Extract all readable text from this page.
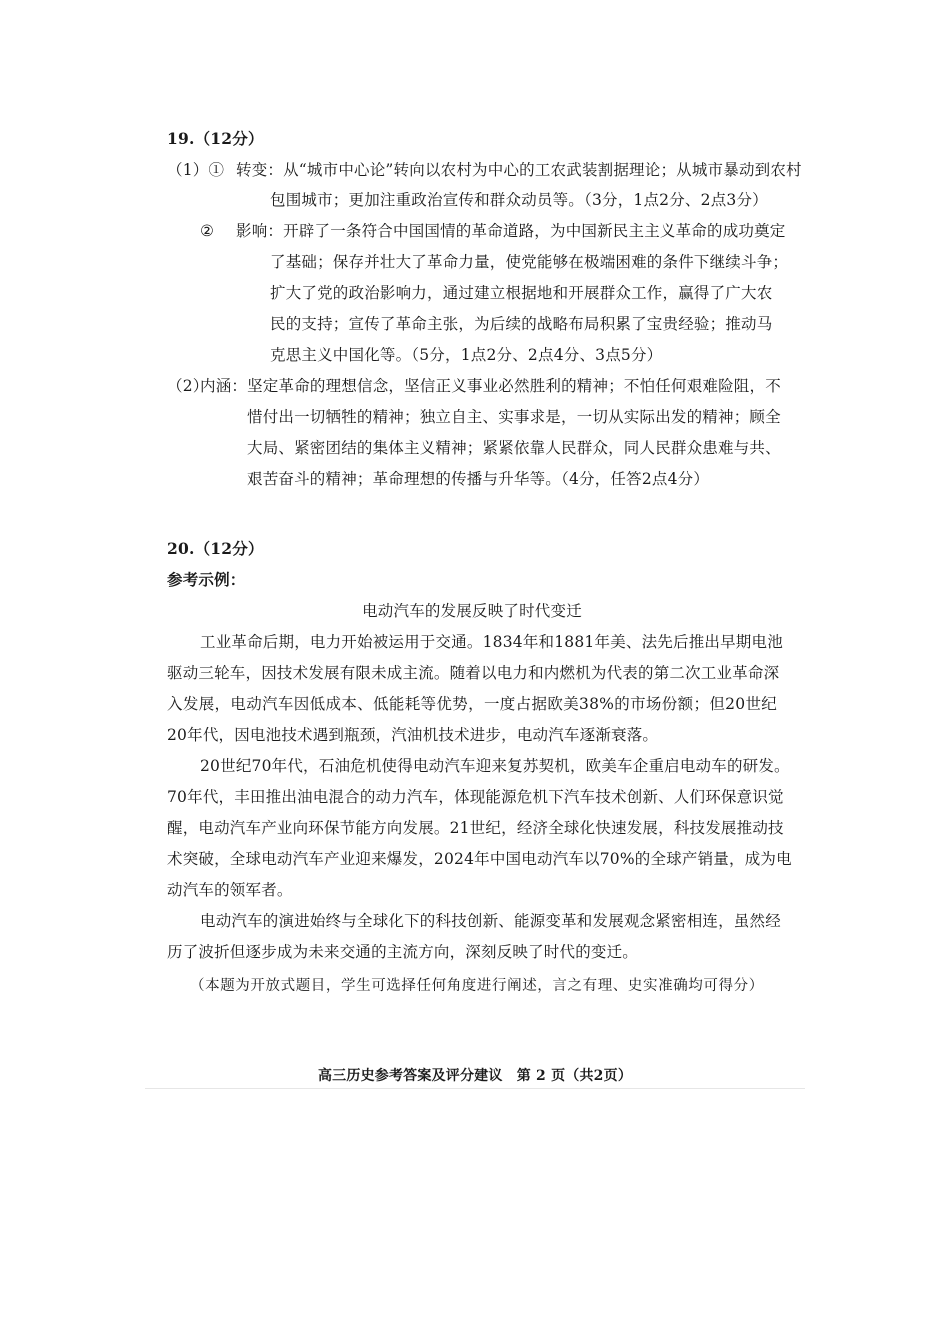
19.（12分）
（1）① 转变：从“城市中心论”转向以农村为中心的工农武装割据理论；从城市暴动到农村
包围城市；更加注重政治宣传和群众动员等。（3分，1点2分、2点3分）
② 影响：开辟了一条符合中国国情的革命道路，为中国新民主主义革命的成功奠定
了基础；保存并壮大了革命力量，使党能够在极端困难的条件下继续斗争；
扩大了党的政治影响力，通过建立根据地和开展群众工作，赢得了广大农
民的支持；宣传了革命主张，为后续的战略布局积累了宝贵经验；推动马
克思主义中国化等。（5分，1点2分、2点4分、3点5分）
（2）
内涵：坚定革命的理想信念，坚信正义事业必然胜利的精神；不怕任何艰难险阻，不
惜付出一切牺牲的精神；独立自主、实事求是，一切从实际出发的精神；顾全
大局、紧密团结的集体主义精神；紧紧依靠人民群众，同人民群众患难与共、
艰苦奋斗的精神；革命理想的传播与升华等。（4分，任答2点4分）
20.（12分）
参考示例：
电动汽车的发展反映了时代变迁
工业革命后期，电力开始被运用于交通。1834年和1881年美、法先后推出早期电池
驱动三轮车，因技术发展有限未成主流。随着以电力和内燃机为代表的第二次工业革命深
入发展，电动汽车因低成本、低能耗等优势，一度占据欧美38%的市场份额；但20世纪
20年代，因电池技术遇到瓶颈，汽油机技术进步，电动汽车逐渐衰落。
20世纪70年代，石油危机使得电动汽车迎来复苏契机，欧美车企重启电动车的研发。
70年代，丰田推出油电混合的动力汽车，体现能源危机下汽车技术创新、人们环保意识觉
醒，电动汽车产业向环保节能方向发展。21世纪，经济全球化快速发展，科技发展推动技
术突破，全球电动汽车产业迎来爆发，2024年中国电动汽车以70%的全球产销量，成为电
动汽车的领军者。
电动汽车的演进始终与全球化下的科技创新、能源变革和发展观念紧密相连，虽然经
历了波折但逐步成为未来交通的主流方向，深刻反映了时代的变迁。
（本题为开放式题目，学生可选择任何角度进行阐述，言之有理、史实准确均可得分）
高三历史参考答案及评分建议　第 2 页（共2页）
